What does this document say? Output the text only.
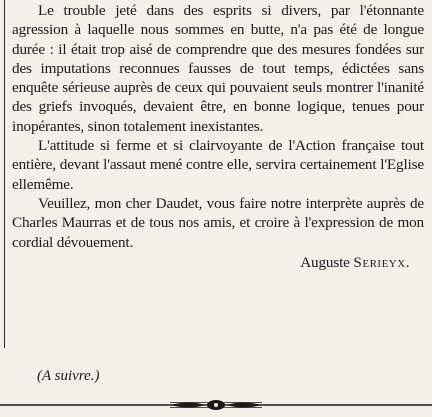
Le trouble jeté dans des esprits si divers, par l'étonnante agression à laquelle nous sommes en butte, n'a pas été de longue durée : il était trop aisé de comprendre que des mesures fondées sur des imputations reconnues fausses de tout temps, édictées sans enquête sérieuse auprès de ceux qui pouvaient seuls montrer l'inanité des griefs invoqués, devaient être, en bonne logique, tenues pour inopérantes, sinon totalement inexistantes.

L'attitude si ferme et si clairvoyante de l'Action française tout entière, devant l'assaut mené contre elle, servira certainement l'Eglise ellemême.

Veuillez, mon cher Daudet, vous faire notre interprète auprès de Charles Maurras et de tous nos amis, et croire à l'expression de mon cordial dévouement.

Auguste Serieyx.

(A suivre.)
